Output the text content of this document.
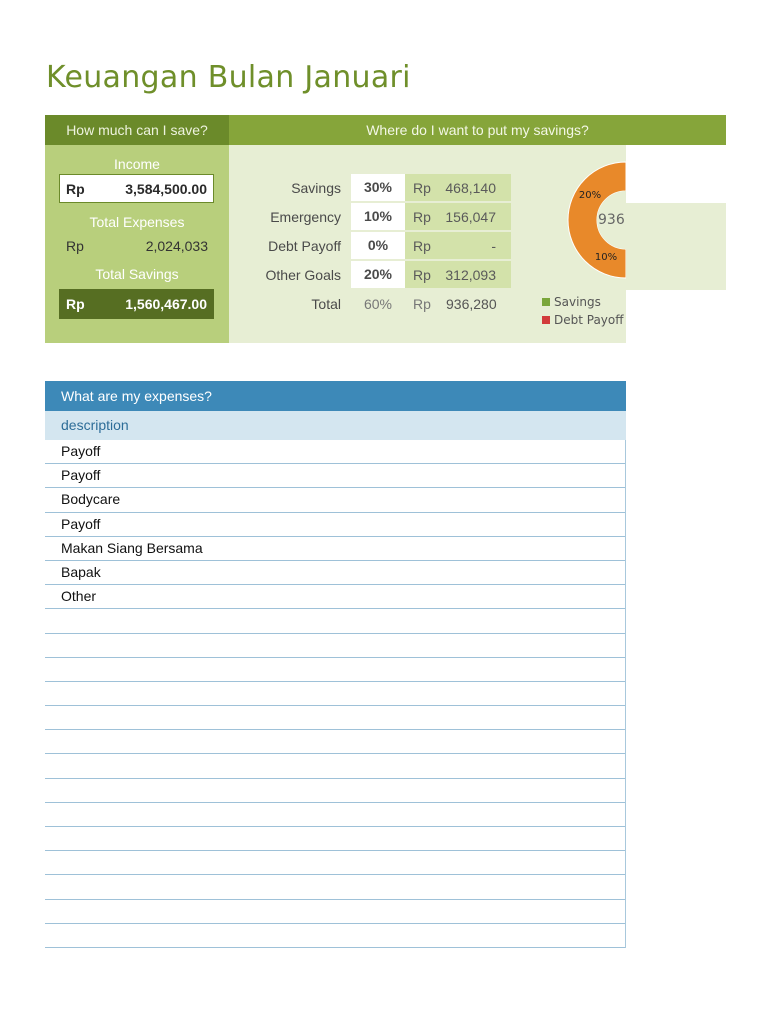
Keuangan Bulan Januari
How much can I save?
Income
Rp	3,584,500.00
Total Expenses
Rp	2,024,033
Total Savings
Rp	1,560,467.00
Where do I want to put my savings?
Savings	30%	Rp 468,140
Emergency	10%	Rp 156,047
Debt Payoff	0%	Rp	-
Other Goals	20%	Rp 312,093
Total	60%	Rp 936,280
20%
10%
936
Savings
Debt Payoff
What are my expenses?
description
Payoff
Payoff
Bodycare
Payoff
Makan Siang Bersama
Bapak
Other
